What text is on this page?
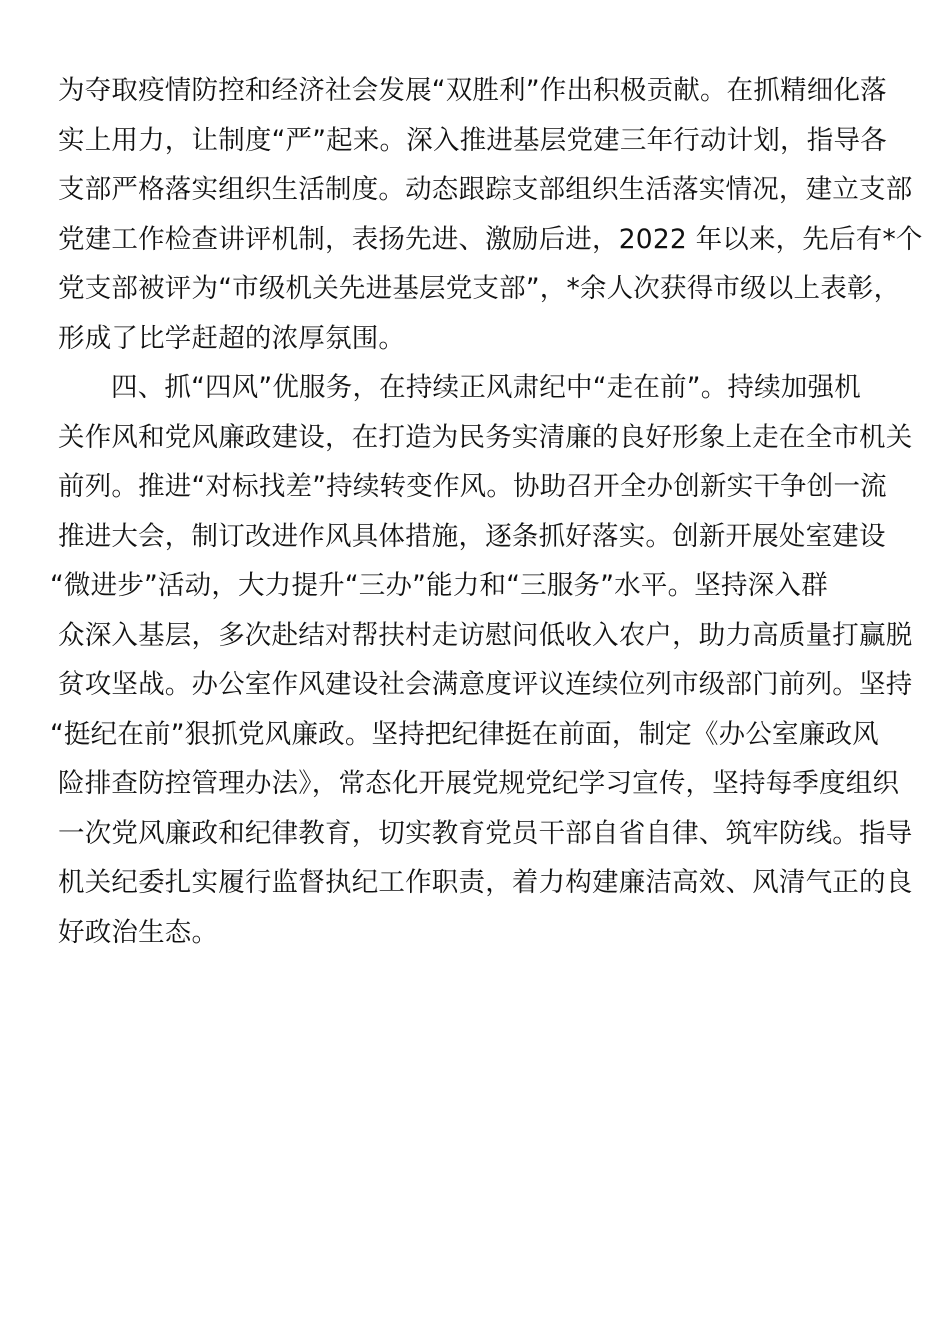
为夺取疫情防控和经济社会发展“双胜利”作出积极贡献。在抓精细化落
实上用力，让制度“严”起来。深入推进基层党建三年行动计划，指导各
支部严格落实组织生活制度。动态跟踪支部组织生活落实情况，建立支部
党建工作检查讲评机制，表扬先进、激励后进，2022 年以来，先后有*个
党支部被评为“市级机关先进基层党支部”，*余人次获得市级以上表彰，
形成了比学赶超的浓厚氛围。
四、抓“四风”优服务，在持续正风肃纪中“走在前”。持续加强机
关作风和党风廉政建设，在打造为民务实清廉的良好形象上走在全市机关
前列。推进“对标找差”持续转变作风。协助召开全办创新实干争创一流
推进大会，制订改进作风具体措施，逐条抓好落实。创新开展处室建设
“微进步”活动，大力提升“三办”能力和“三服务”水平。坚持深入群
众深入基层，多次赴结对帮扶村走访慰问低收入农户，助力高质量打赢脱
贫攻坚战。办公室作风建设社会满意度评议连续位列市级部门前列。坚持
“挺纪在前”狠抓党风廉政。坚持把纪律挺在前面，制定《办公室廉政风
险排查防控管理办法》，常态化开展党规党纪学习宣传，坚持每季度组织
一次党风廉政和纪律教育，切实教育党员干部自省自律、筑牢防线。指导
机关纪委扎实履行监督执纪工作职责，着力构建廉洁高效、风清气正的良
好政治生态。
